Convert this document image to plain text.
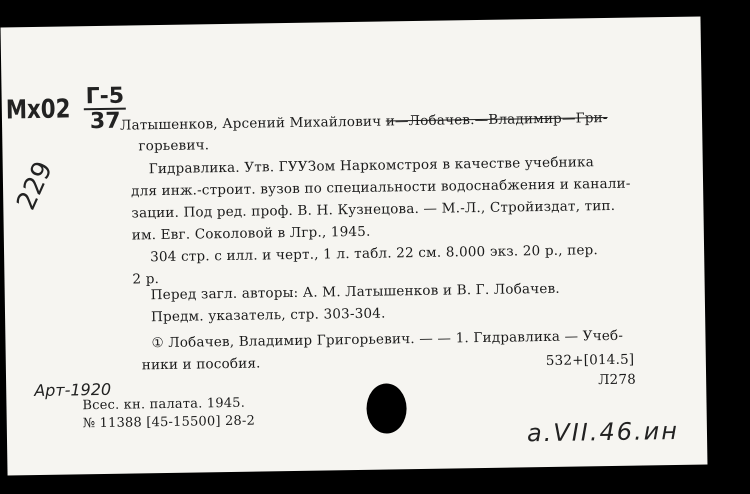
Мх02 Г-5
37
229
Латышенков, Арсений Михайлович и—Лобачев.—Владимир—Гри-
горьевич.
Гидравлика. Утв. ГУУЗом Наркомстроя в качестве учебника
для инж.-строит. вузов по специальности водоснабжения и канали-
зации. Под ред. проф. В. Н. Кузнецова. — М.-Л., Стройиздат, тип.
им. Евг. Соколовой в Лгр., 1945.
304 стр. с илл. и черт., 1 л. табл. 22 см. 8.000 экз. 20 р., пер.
2 р.
Перед загл. авторы: А. М. Латышенков и В. Г. Лобачев.
Предм. указатель, стр. 303-304.
① Лобачев, Владимир Григорьевич. — — 1. Гидравлика — Учеб-
ники и пособия.
Арт-1920
532+[014.5]
Л278
Всес. кн. палата. 1945.
№ 11388 [45-15500] 28-2	а.VII.46.ин
